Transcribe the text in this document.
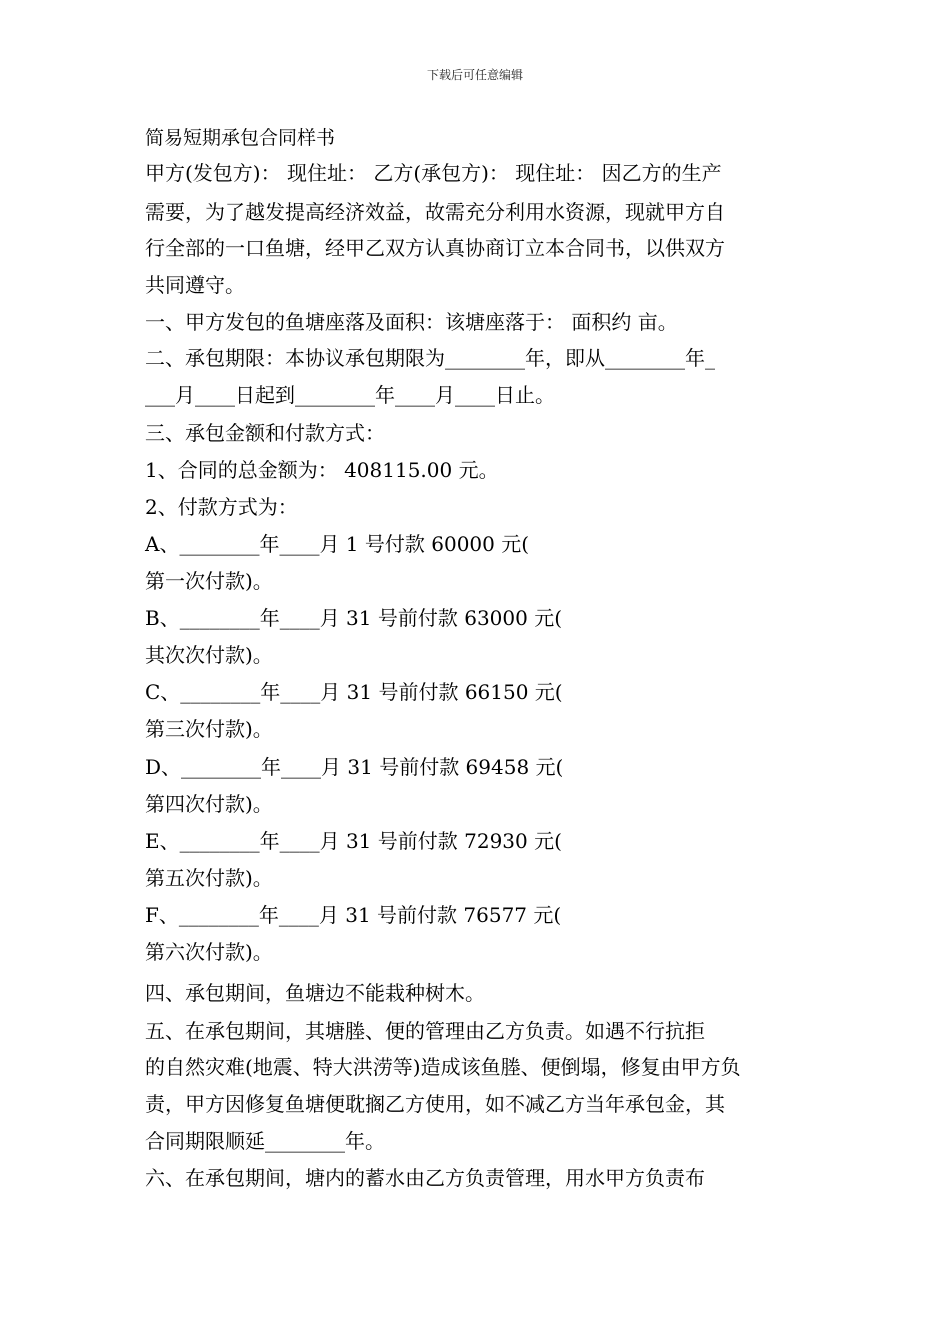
下载后可任意编辑
简易短期承包合同样书
甲方(发包方)： 现住址： 乙方(承包方)： 现住址： 因乙方的生产
需要，为了越发提高经济效益，故需充分利用水资源，现就甲方自
行全部的一口鱼塘，经甲乙双方认真协商订立本合同书，以供双方
共同遵守。
一、甲方发包的鱼塘座落及面积：该塘座落于： 面积约 亩。
二、承包期限：本协议承包期限为________年，即从________年_
___月____日起到________年____月____日止。
三、承包金额和付款方式：
1、合同的总金额为： 408115.00 元。
2、付款方式为：
A、________年____月 1 号付款 60000 元(
第一次付款)。
B、________年____月 31 号前付款 63000 元(
其次次付款)。
C、________年____月 31 号前付款 66150 元(
第三次付款)。
D、________年____月 31 号前付款 69458 元(
第四次付款)。
E、________年____月 31 号前付款 72930 元(
第五次付款)。
F、________年____月 31 号前付款 76577 元(
第六次付款)。
四、承包期间，鱼塘边不能栽种树木。
五、在承包期间，其塘塍、便的管理由乙方负责。如遇不行抗拒
的自然灾难(地震、特大洪涝等)造成该鱼塍、便倒塌，修复由甲方负
责，甲方因修复鱼塘便耽搁乙方使用，如不减乙方当年承包金，其
合同期限顺延________年。
六、在承包期间，塘内的蓄水由乙方负责管理，用水甲方负责布
